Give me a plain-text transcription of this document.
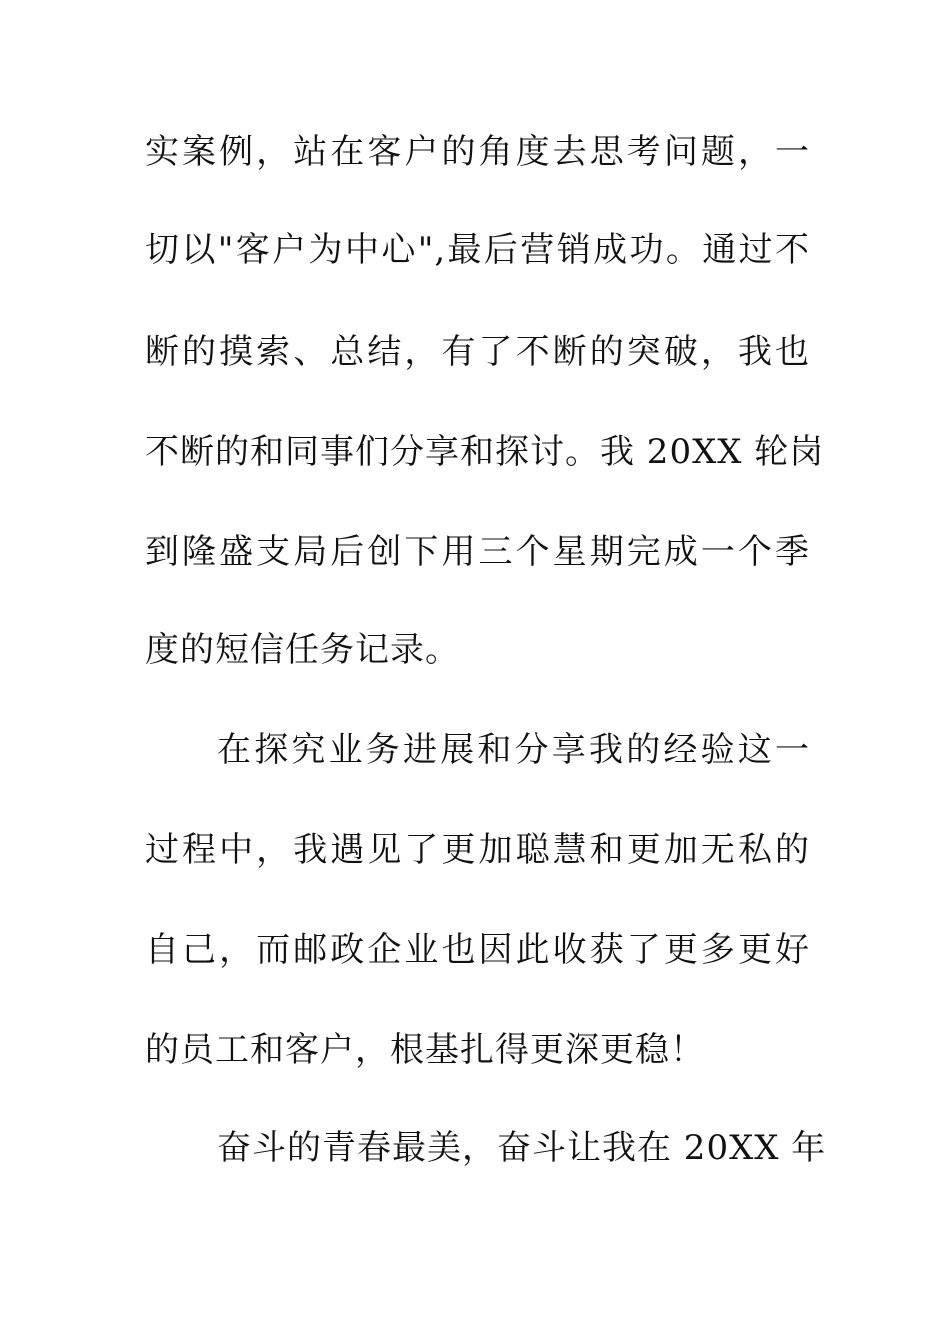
实案例，站在客户的角度去思考问题，一
切以"客户为中心",最后营销成功。通过不
断的摸索、总结，有了不断的突破，我也
不断的和同事们分享和探讨。我 20XX 轮岗
到隆盛支局后创下用三个星期完成一个季
度的短信任务记录。
在探究业务进展和分享我的经验这一
过程中，我遇见了更加聪慧和更加无私的
自己，而邮政企业也因此收获了更多更好
的员工和客户，根基扎得更深更稳！
奋斗的青春最美，奋斗让我在 20XX 年
